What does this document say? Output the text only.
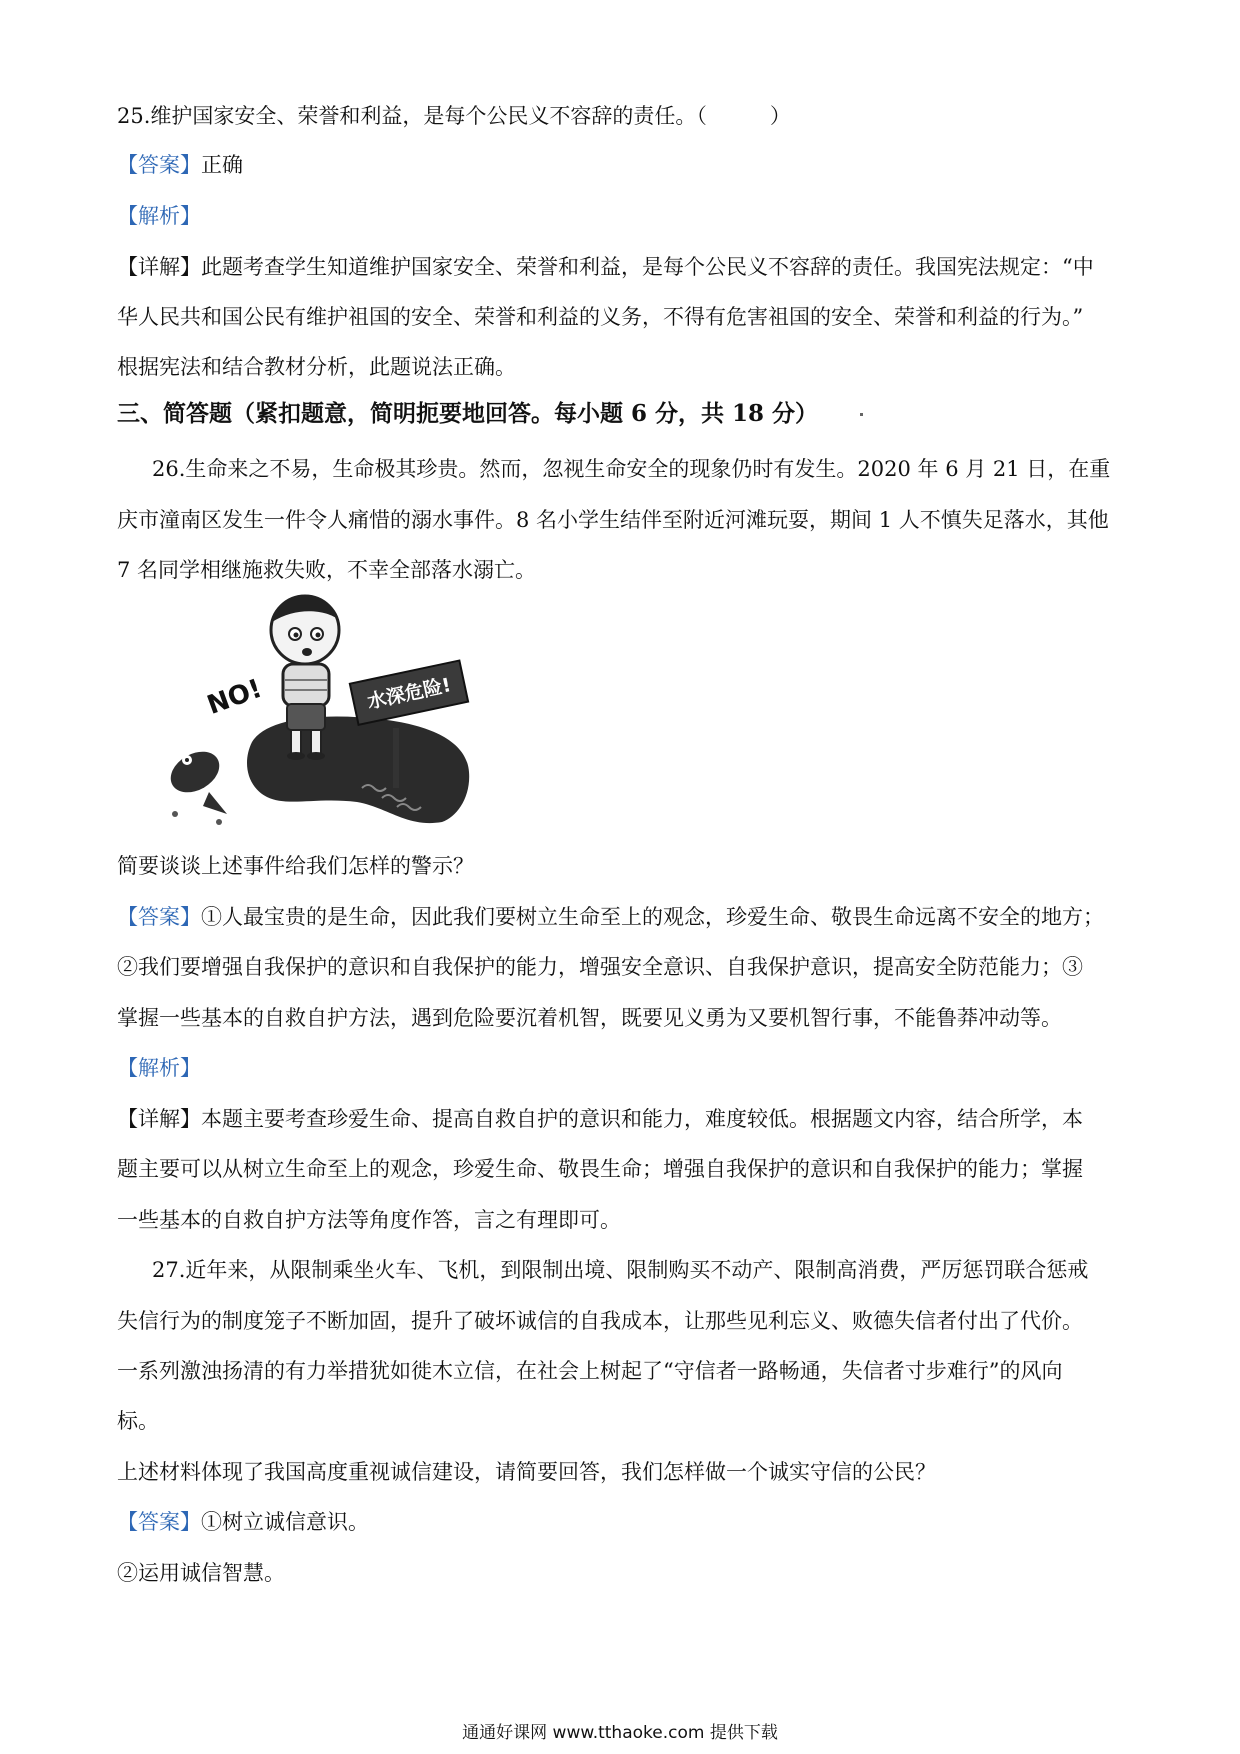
25.维护国家安全、荣誉和利益，是每个公民义不容辞的责任。（　　　）
【答案】正确
【解析】
【详解】此题考查学生知道维护国家安全、荣誉和利益，是每个公民义不容辞的责任。我国宪法规定：“中
华人民共和国公民有维护祖国的安全、荣誉和利益的义务，不得有危害祖国的安全、荣誉和利益的行为。”
根据宪法和结合教材分析，此题说法正确。
三、简答题（紧扣题意，简明扼要地回答。每小题 6 分，共 18 分）
26.生命来之不易，生命极其珍贵。然而，忽视生命安全的现象仍时有发生。2020 年 6 月 21 日，在重
庆市潼南区发生一件令人痛惜的溺水事件。8 名小学生结伴至附近河滩玩耍，期间 1 人不慎失足落水，其他
7 名同学相继施救失败，不幸全部落水溺亡。
水深危险!
NO!
简要谈谈上述事件给我们怎样的警示？
【答案】①人最宝贵的是生命，因此我们要树立生命至上的观念，珍爱生命、敬畏生命远离不安全的地方；
②我们要增强自我保护的意识和自我保护的能力，增强安全意识、自我保护意识，提高安全防范能力；③
掌握一些基本的自救自护方法，遇到危险要沉着机智，既要见义勇为又要机智行事，不能鲁莽冲动等。
【解析】
【详解】本题主要考查珍爱生命、提高自救自护的意识和能力，难度较低。根据题文内容，结合所学，本
题主要可以从树立生命至上的观念，珍爱生命、敬畏生命；增强自我保护的意识和自我保护的能力；掌握
一些基本的自救自护方法等角度作答，言之有理即可。
27.近年来，从限制乘坐火车、飞机，到限制出境、限制购买不动产、限制高消费，严厉惩罚联合惩戒
失信行为的制度笼子不断加固，提升了破坏诚信的自我成本，让那些见利忘义、败德失信者付出了代价。
一系列激浊扬清的有力举措犹如徙木立信，在社会上树起了“守信者一路畅通，失信者寸步难行”的风向
标。
上述材料体现了我国高度重视诚信建设，请简要回答，我们怎样做一个诚实守信的公民？
【答案】①树立诚信意识。
②运用诚信智慧。
通通好课网 www.tthaoke.com 提供下载
